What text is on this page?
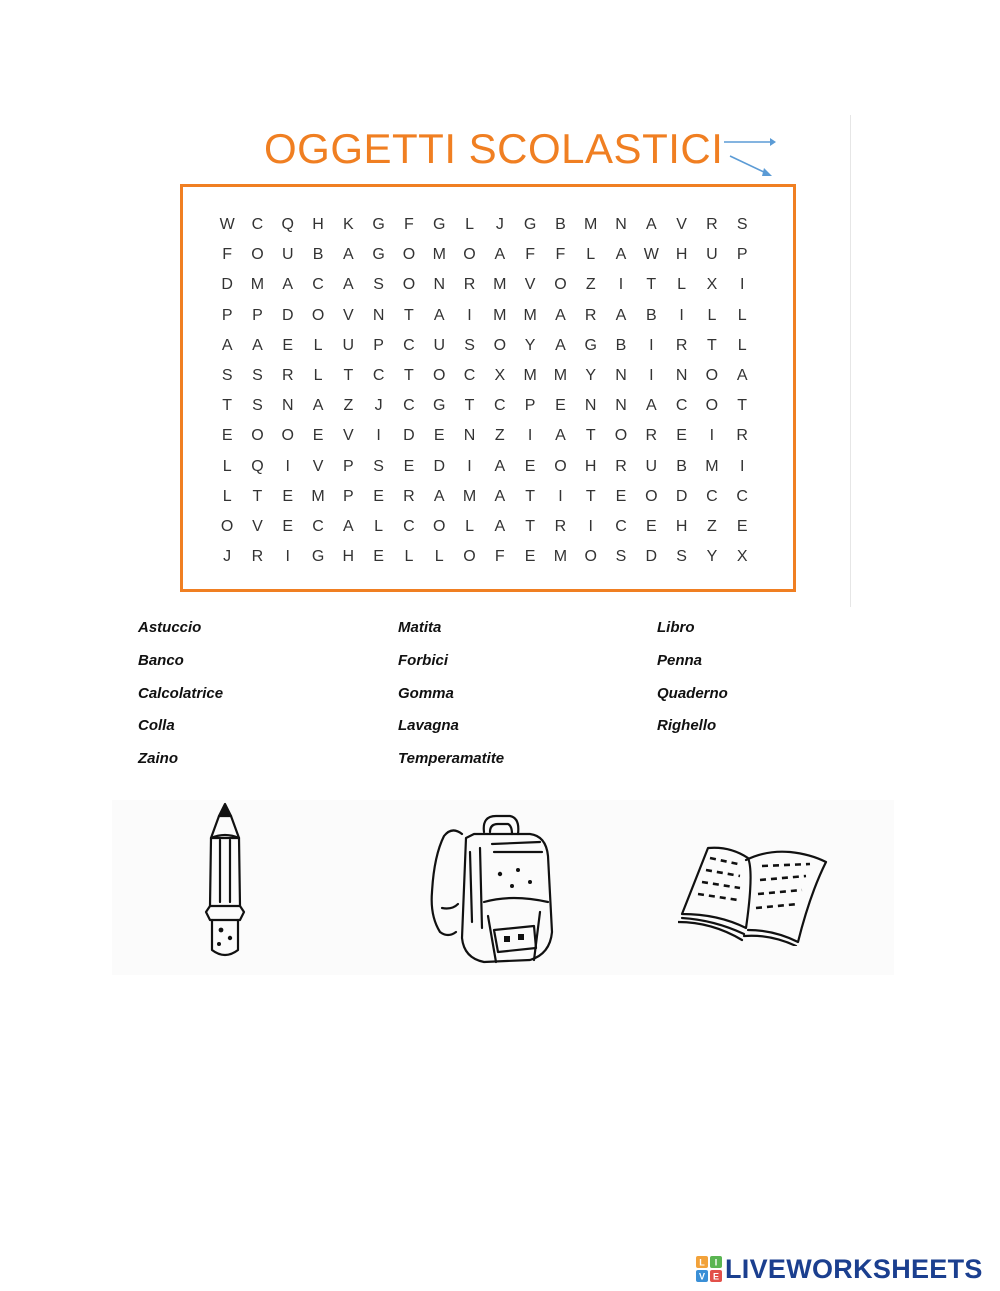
OGGETTI SCOLASTICI
W	C	Q	H	K	G	F	G	L	J	G	B	M	N	A	V	R	S
F	O	U	B	A	G	O	M	O	A	F	F	L	A	W	H	U	P
D	M	A	C	A	S	O	N	R	M	V	O	Z	I	T	L	X	I
P	P	D	O	V	N	T	A	I	M	M	A	R	A	B	I	L	L
A	A	E	L	U	P	C	U	S	O	Y	A	G	B	I	R	T	L
S	S	R	L	T	C	T	O	C	X	M	M	Y	N	I	N	O	A
T	S	N	A	Z	J	C	G	T	C	P	E	N	N	A	C	O	T
E	O	O	E	V	I	D	E	N	Z	I	A	T	O	R	E	I	R
L	Q	I	V	P	S	E	D	I	A	E	O	H	R	U	B	M	I
L	T	E	M	P	E	R	A	M	A	T	I	T	E	O	D	C	C
O	V	E	C	A	L	C	O	L	A	T	R	I	C	E	H	Z	E
J	R	I	G	H	E	L	L	O	F	E	M	O	S	D	S	Y	X
Astuccio
Banco
Calcolatrice
Colla
Zaino
Matita
Forbici
Gomma
Lavagna
Temperamatite
Libro
Penna
Quaderno
Righello
L I
V E LIVEWORKSHEETS
